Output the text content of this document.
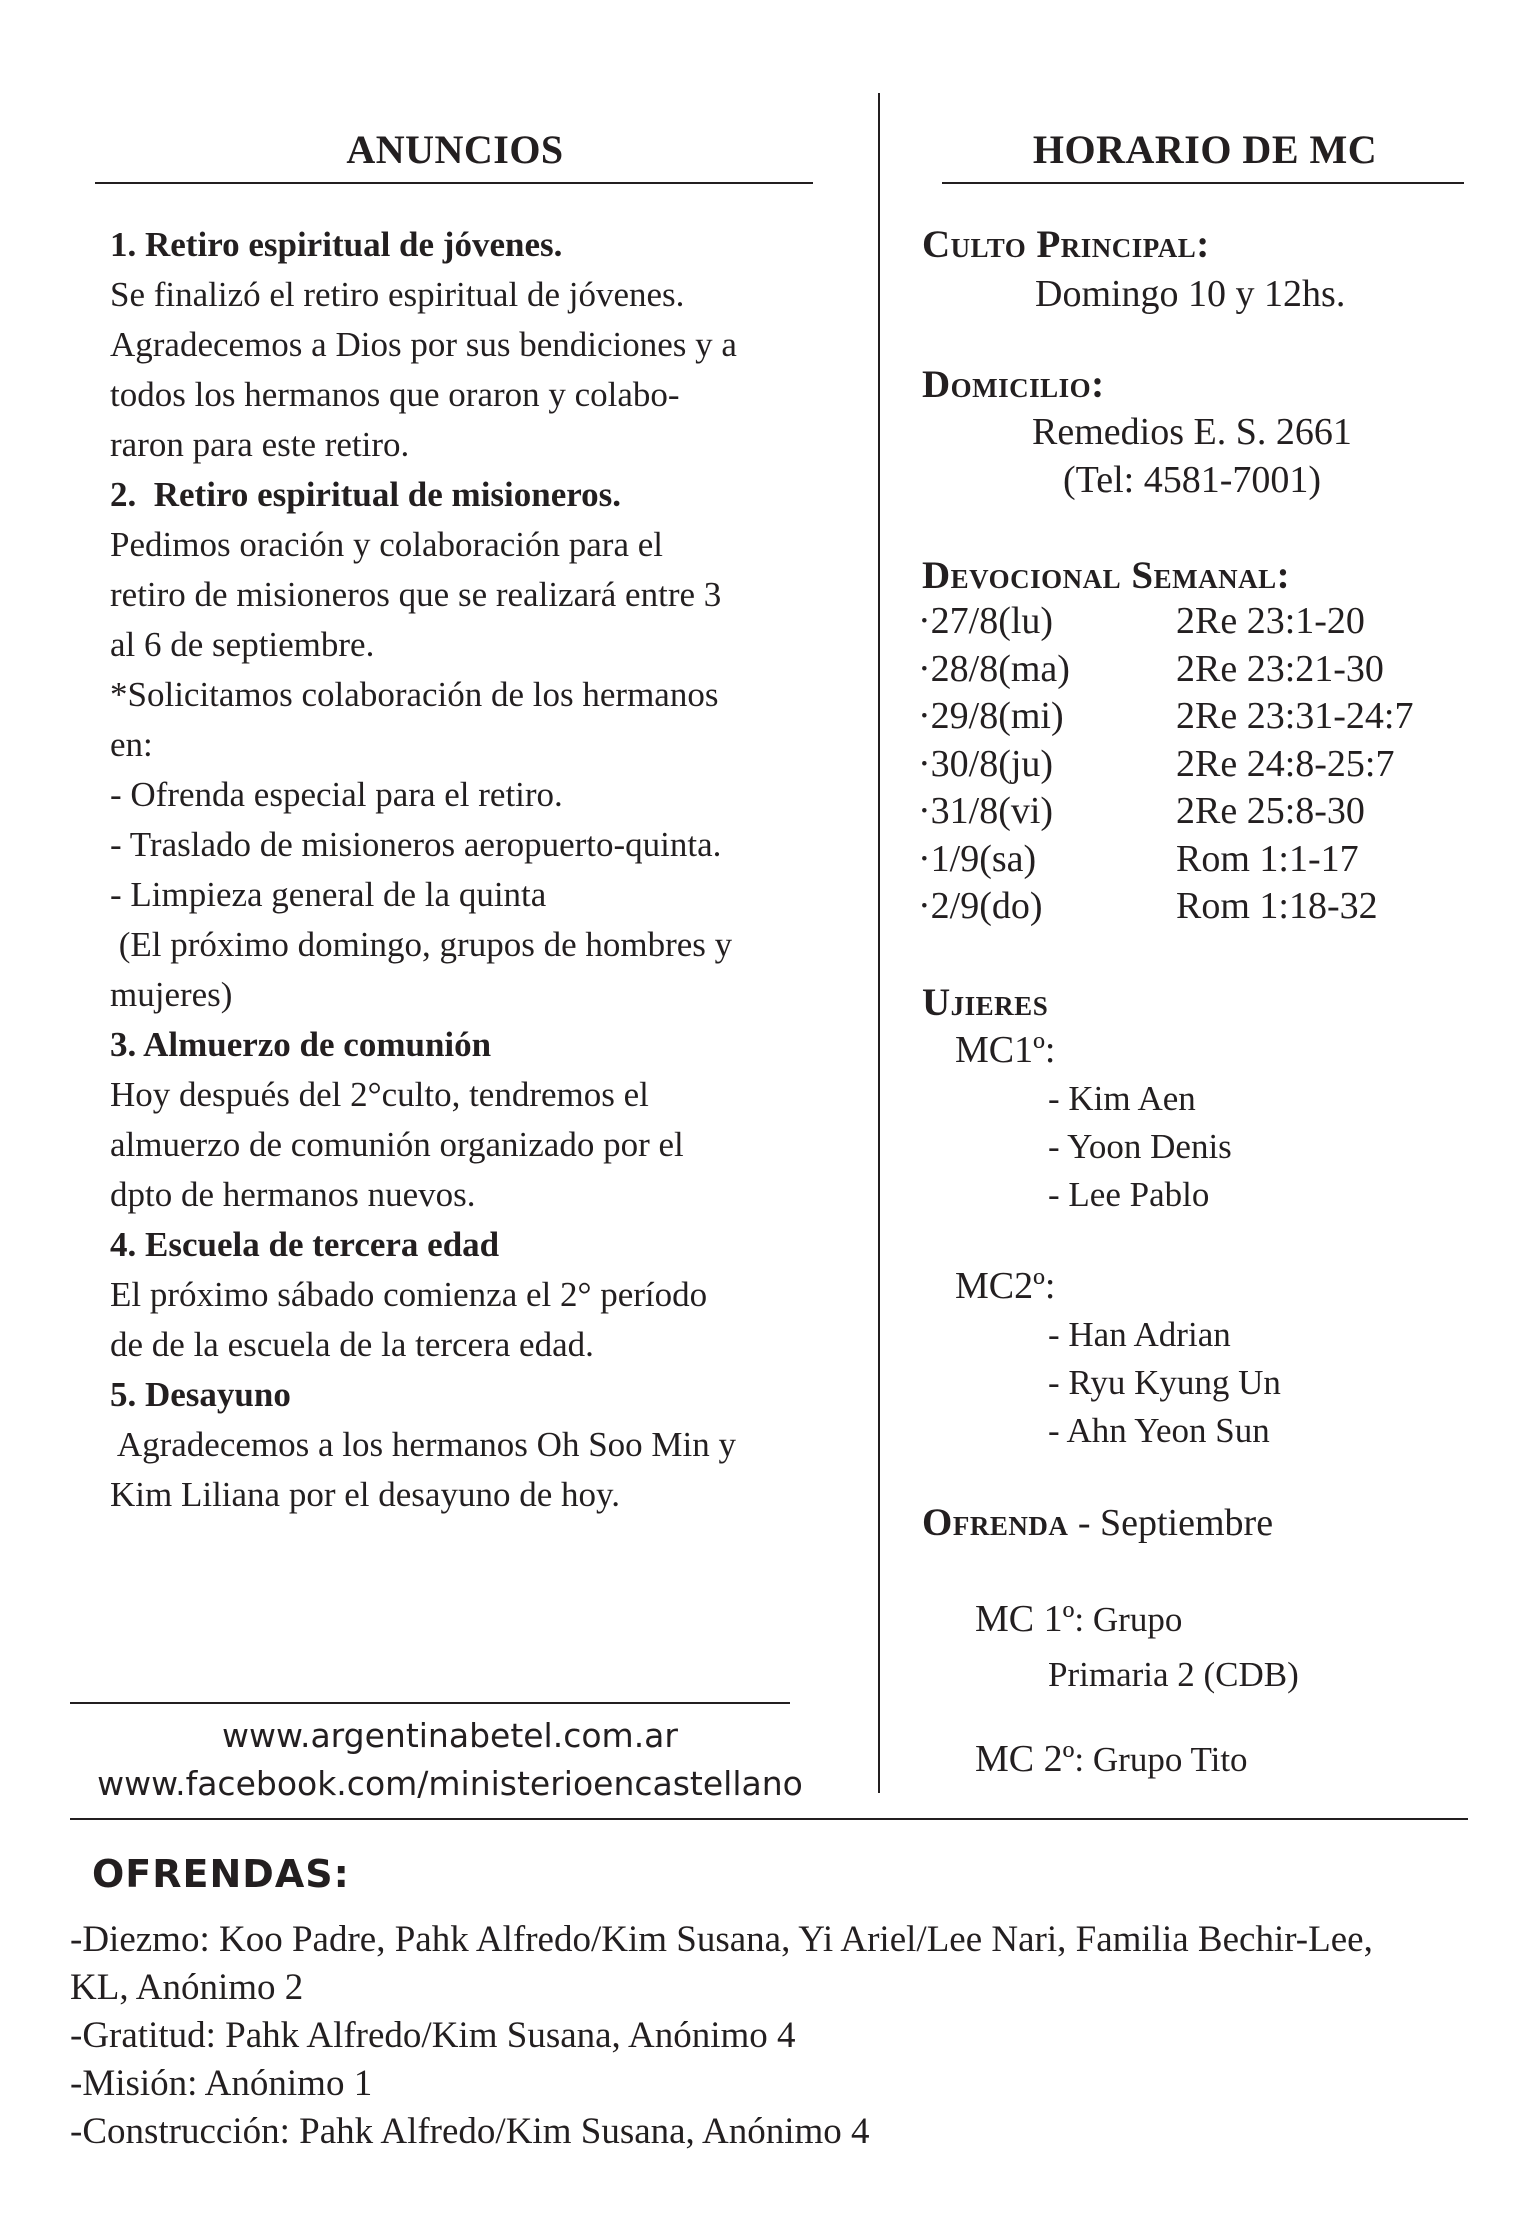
ANUNCIOS
1. Retiro espiritual de jóvenes.
Se finalizó el retiro espiritual de jóvenes.
Agradecemos a Dios por sus bendiciones y a
todos los hermanos que oraron y colabo-
raron para este retiro.
2.  Retiro espiritual de misioneros.
Pedimos oración y colaboración para el
retiro de misioneros que se realizará entre 3
al 6 de septiembre.
*Solicitamos colaboración de los hermanos
en:
- Ofrenda especial para el retiro.
- Traslado de misioneros aeropuerto-quinta.
- Limpieza general de la quinta
(El próximo domingo, grupos de hombres y
mujeres)
3. Almuerzo de comunión
Hoy después del 2°culto, tendremos el
almuerzo de comunión organizado por el
dpto de hermanos nuevos.
4. Escuela de tercera edad
El próximo sábado comienza el 2° período
de de la escuela de la tercera edad.
5. Desayuno
Agradecemos a los hermanos Oh Soo Min y
Kim Liliana por el desayuno de hoy.
www.argentinabetel.com.ar
www.facebook.com/ministerioencastellano
HORARIO DE MC
Culto Principal:
Domingo 10 y 12hs.
Domicilio:
Remedios E. S. 2661
(Tel: 4581-7001)
Devocional Semanal:
·27/8(lu)	2Re 23:1-20
·28/8(ma)	2Re 23:21-30
·29/8(mi)	2Re 23:31-24:7
·30/8(ju)	2Re 24:8-25:7
·31/8(vi)	2Re 25:8-30
·1/9(sa)	Rom 1:1-17
·2/9(do)	Rom 1:18-32
Ujieres
MC1º:
- Kim Aen
- Yoon Denis
- Lee Pablo
MC2º:
- Han Adrian
- Ryu Kyung Un
- Ahn Yeon Sun
Ofrenda - Septiembre
MC 1º: Grupo
Primaria 2 (CDB)
MC 2º: Grupo Tito
OFRENDAS:
-Diezmo: Koo Padre, Pahk Alfredo/Kim Susana, Yi Ariel/Lee Nari, Familia Bechir-Lee,
KL, Anónimo 2
-Gratitud: Pahk Alfredo/Kim Susana, Anónimo 4
-Misión: Anónimo 1
-Construcción: Pahk Alfredo/Kim Susana, Anónimo 4
